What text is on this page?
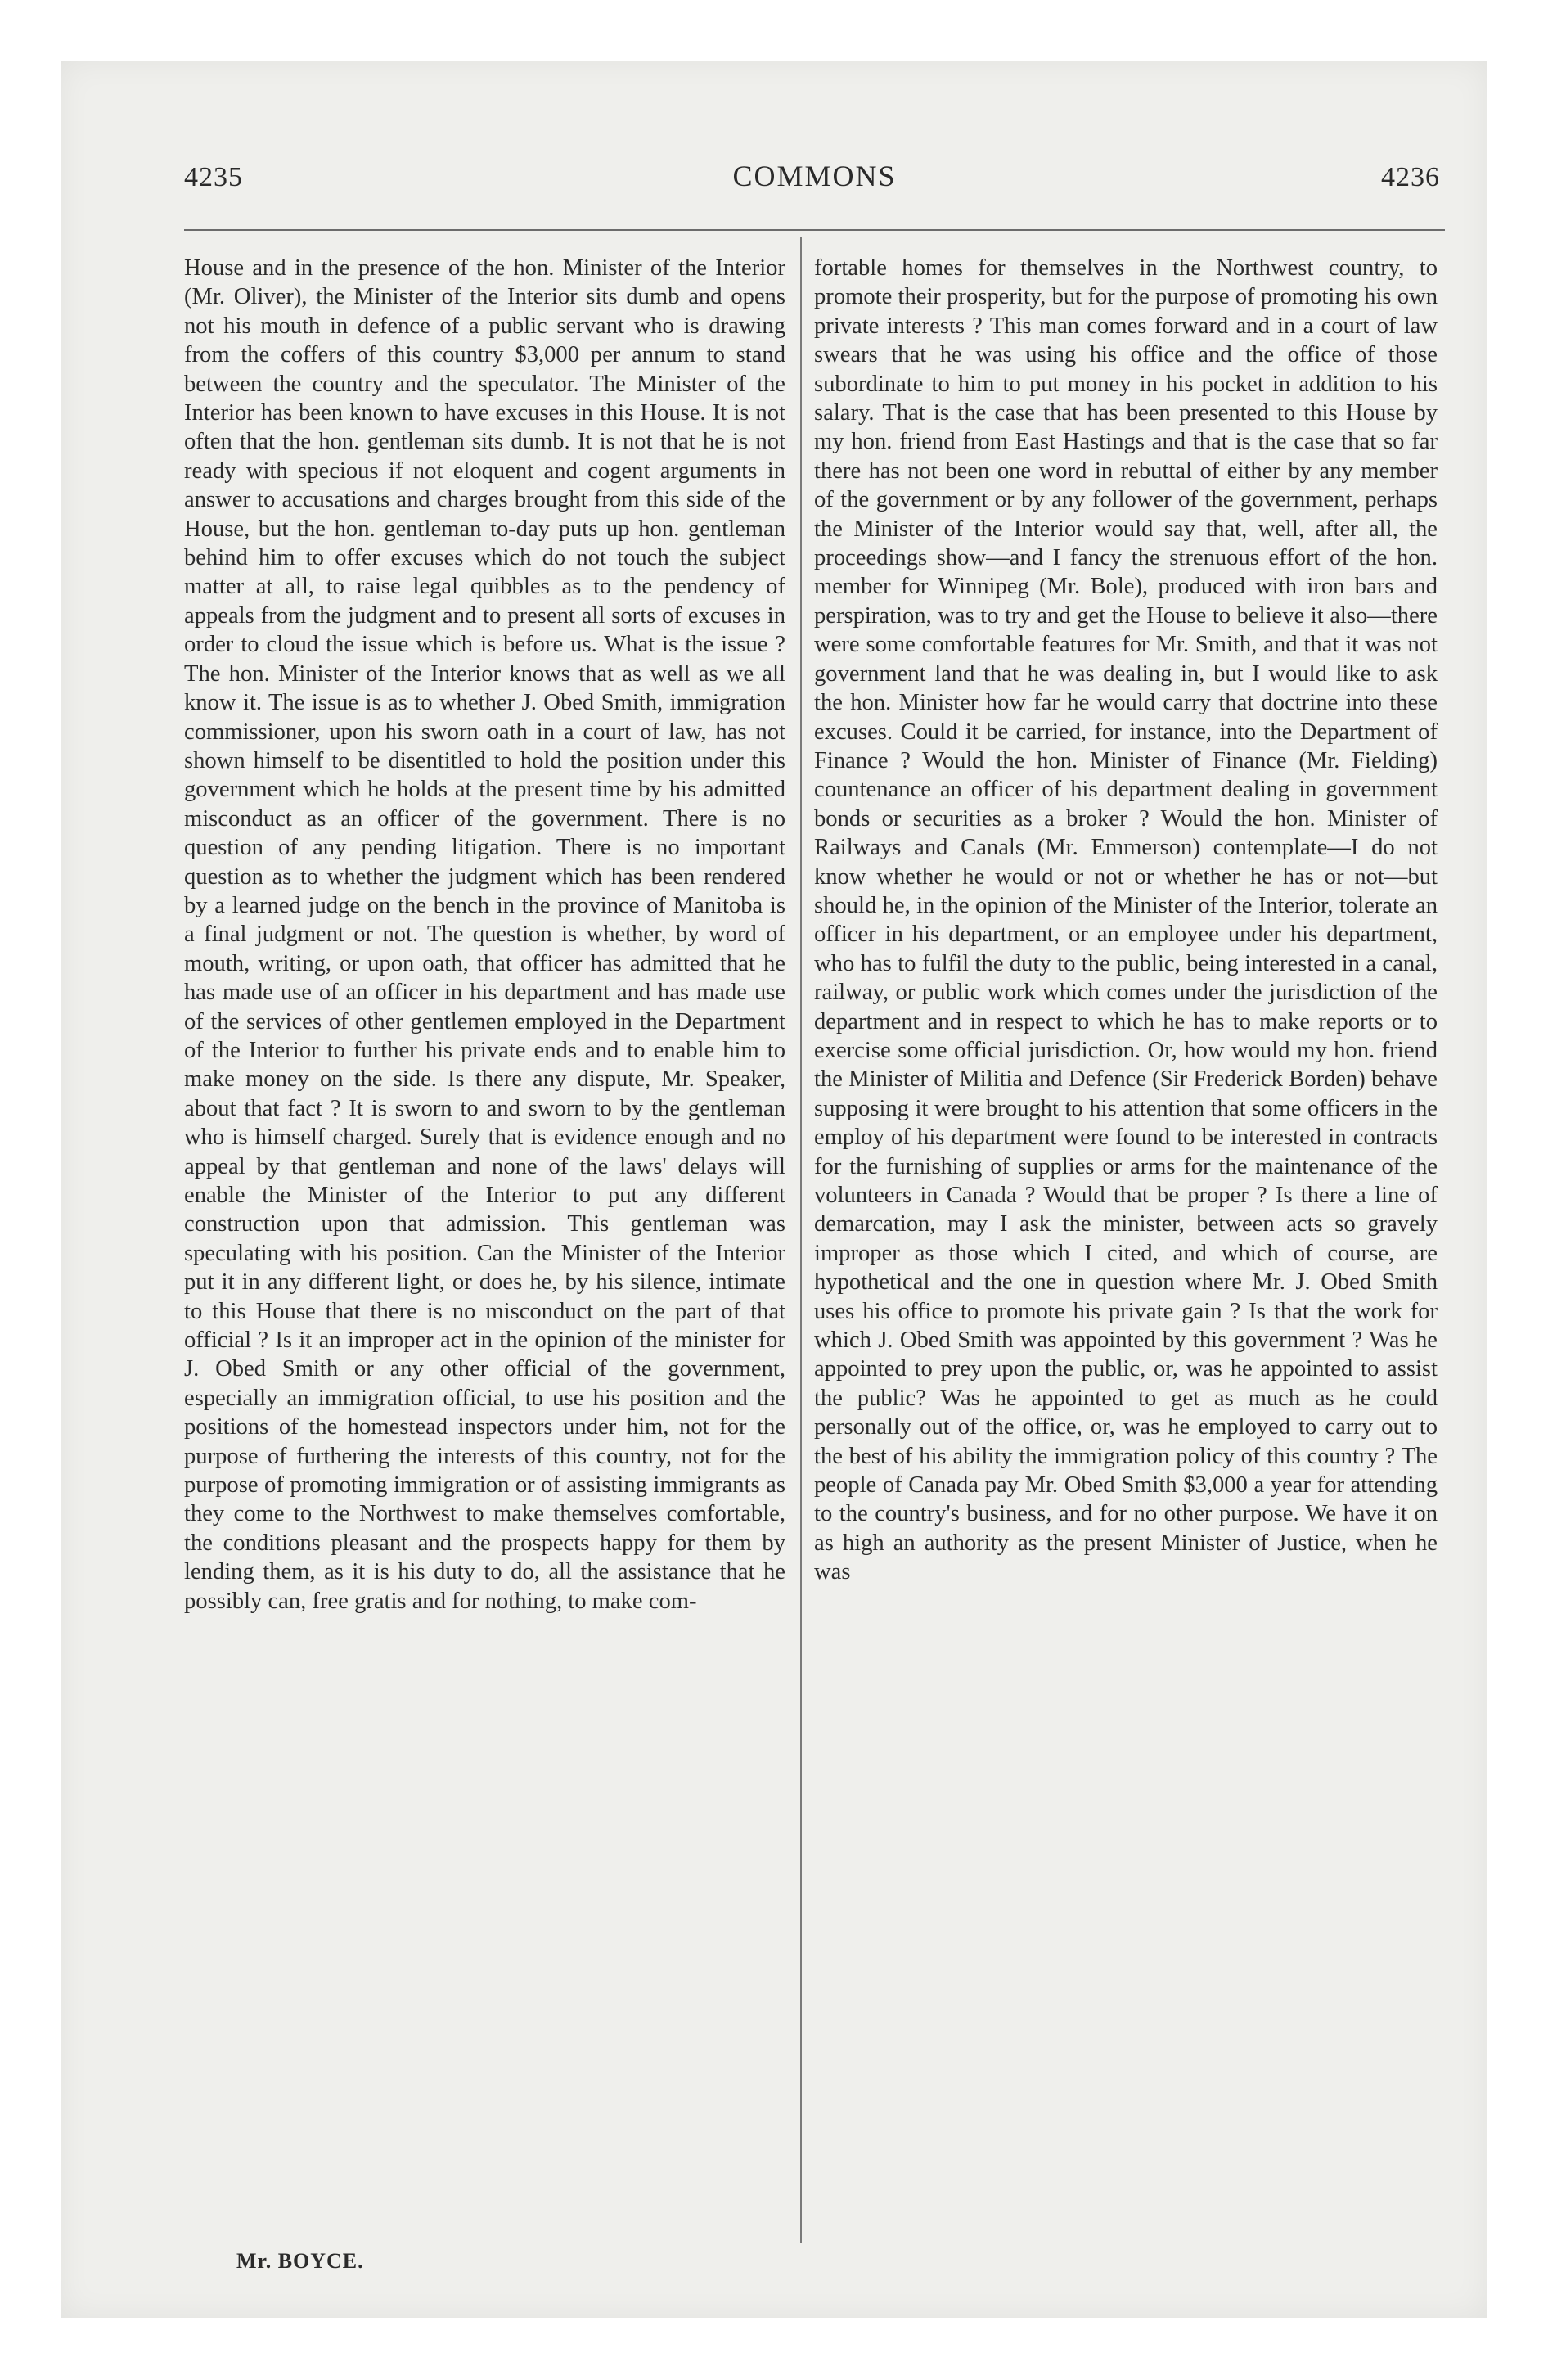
4235	COMMONS	4236

House and in the presence of the hon. Minister of the Interior (Mr. Oliver), the Minister of the Interior sits dumb and opens not his mouth in defence of a public servant who is drawing from the coffers of this country $3,000 per annum to stand between the country and the speculator. The Minister of the Interior has been known to have excuses in this House. It is not often that the hon. gentleman sits dumb. It is not that he is not ready with specious if not eloquent and cogent arguments in answer to accusations and charges brought from this side of the House, but the hon. gentleman to-day puts up hon. gentleman behind him to offer excuses which do not touch the subject matter at all, to raise legal quibbles as to the pendency of appeals from the judgment and to present all sorts of excuses in order to cloud the issue which is before us. What is the issue ? The hon. Minister of the Interior knows that as well as we all know it. The issue is as to whether J. Obed Smith, immigration commissioner, upon his sworn oath in a court of law, has not shown himself to be disentitled to hold the position under this government which he holds at the present time by his admitted misconduct as an officer of the government. There is no question of any pending litigation. There is no important question as to whether the judgment which has been rendered by a learned judge on the bench in the province of Manitoba is a final judgment or not. The question is whether, by word of mouth, writing, or upon oath, that officer has admitted that he has made use of an officer in his department and has made use of the services of other gentlemen employed in the Department of the Interior to further his private ends and to enable him to make money on the side. Is there any dispute, Mr. Speaker, about that fact ? It is sworn to and sworn to by the gentleman who is himself charged. Surely that is evidence enough and no appeal by that gentleman and none of the laws' delays will enable the Minister of the Interior to put any different construction upon that admission. This gentleman was speculating with his position. Can the Minister of the Interior put it in any different light, or does he, by his silence, intimate to this House that there is no misconduct on the part of that official ? Is it an improper act in the opinion of the minister for J. Obed Smith or any other official of the government, especially an immigration official, to use his position and the positions of the homestead inspectors under him, not for the purpose of furthering the interests of this country, not for the purpose of promoting immigration or of assisting immigrants as they come to the Northwest to make themselves comfortable, the conditions pleasant and the prospects happy for them by lending them, as it is his duty to do, all the assistance that he possibly can, free gratis and for nothing, to make com-

fortable homes for themselves in the Northwest country, to promote their prosperity, but for the purpose of promoting his own private interests ? This man comes forward and in a court of law swears that he was using his office and the office of those subordinate to him to put money in his pocket in addition to his salary. That is the case that has been presented to this House by my hon. friend from East Hastings and that is the case that so far there has not been one word in rebuttal of either by any member of the government or by any follower of the government, perhaps the Minister of the Interior would say that, well, after all, the proceedings show—and I fancy the strenuous effort of the hon. member for Winnipeg (Mr. Bole), produced with iron bars and perspiration, was to try and get the House to believe it also—there were some comfortable features for Mr. Smith, and that it was not government land that he was dealing in, but I would like to ask the hon. Minister how far he would carry that doctrine into these excuses. Could it be carried, for instance, into the Department of Finance ? Would the hon. Minister of Finance (Mr. Fielding) countenance an officer of his department dealing in government bonds or securities as a broker ? Would the hon. Minister of Railways and Canals (Mr. Emmerson) contemplate—I do not know whether he would or not or whether he has or not—but should he, in the opinion of the Minister of the Interior, tolerate an officer in his department, or an employee under his department, who has to fulfil the duty to the public, being interested in a canal, railway, or public work which comes under the jurisdiction of the department and in respect to which he has to make reports or to exercise some official jurisdiction. Or, how would my hon. friend the Minister of Militia and Defence (Sir Frederick Borden) behave supposing it were brought to his attention that some officers in the employ of his department were found to be interested in contracts for the furnishing of supplies or arms for the maintenance of the volunteers in Canada ? Would that be proper ? Is there a line of demarcation, may I ask the minister, between acts so gravely improper as those which I cited, and which of course, are hypothetical and the one in question where Mr. J. Obed Smith uses his office to promote his private gain ? Is that the work for which J. Obed Smith was appointed by this government ? Was he appointed to prey upon the public, or, was he appointed to assist the public? Was he appointed to get as much as he could personally out of the office, or, was he employed to carry out to the best of his ability the immigration policy of this country ? The people of Canada pay Mr. Obed Smith $3,000 a year for attending to the country's business, and for no other purpose. We have it on as high an authority as the present Minister of Justice, when he was

Mr. BOYCE.
